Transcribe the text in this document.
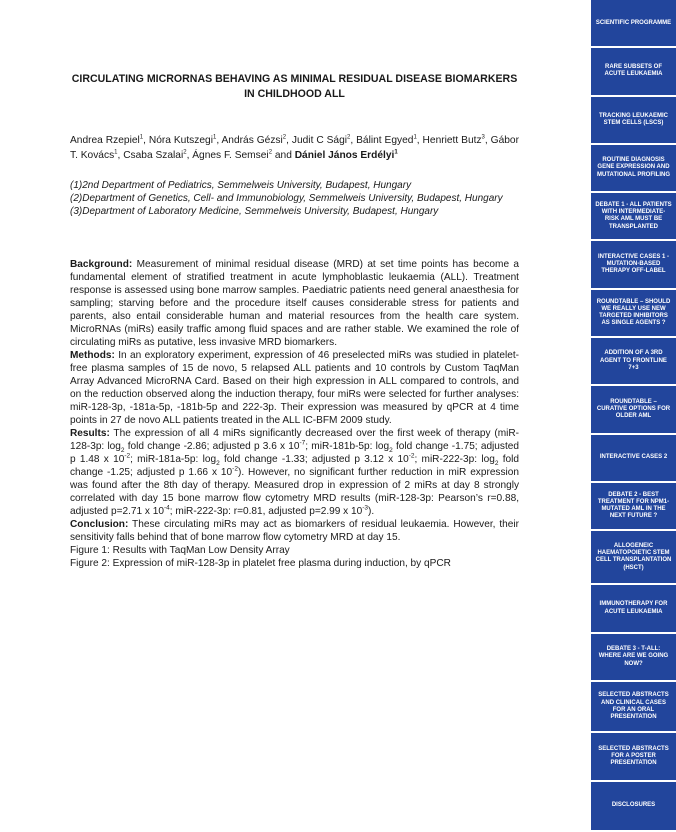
CIRCULATING MICRORNAS BEHAVING AS MINIMAL RESIDUAL DISEASE BIOMARKERS IN CHILDHOOD ALL
Andrea Rzepiel$^1$, Nóra Kutszegi$^1$, András Gézsi$^2$, Judit C Sági$^2$, Bálint Egyed$^1$, Henriett Butz$^3$, Gábor T. Kovács$^1$, Csaba Szalai$^2$, Ágnes F. Semsei$^2$ and Dániel János Erdélyi$^1$
(1)2nd Department of Pediatrics, Semmelweis University, Budapest, Hungary
(2)Department of Genetics, Cell- and Immunobiology, Semmelweis University, Budapest, Hungary
(3)Department of Laboratory Medicine, Semmelweis University, Budapest, Hungary

Background: Measurement of minimal residual disease (MRD) at set time points has become a fundamental element of stratified treatment in acute lymphoblastic leukaemia (ALL). Treatment response is assessed using bone marrow samples. Paediatric patients need general anaesthesia for sampling; starving before and the procedure itself causes considerable stress for patients and parents, also entail considerable human and material resources from the health care system. MicroRNAs (miRs) easily traffic among fluid spaces and are rather stable. We examined the role of circulating miRs as putative, less invasive MRD biomarkers.

Methods: In an exploratory experiment, expression of 46 preselected miRs was studied in platelet-free plasma samples of 15 de novo, 5 relapsed ALL patients and 10 controls by Custom TaqMan Array Advanced MicroRNA Card. Based on their high expression in ALL compared to controls, and on the reduction observed along the induction therapy, four miRs were selected for further analyses: miR-128-3p, -181a-5p, -181b-5p and 222-3p. Their expression was measured by qPCR at 4 time points in 27 de novo ALL patients treated in the ALL IC-BFM 2009 study.

Results: The expression of all 4 miRs significantly decreased over the first week of therapy (miR-128-3p: $\log_2$ fold change -2.86; adjusted p 3.6 x $10^{-7}$; miR-181b-5p: $\log_2$ fold change -1.75; adjusted p 1.48 x $10^{-2}$; miR-181a-5p: $\log_2$ fold change -1.33; adjusted p 3.12 x $10^{-2}$; miR-222-3p: $\log_2$ fold change -1.25; adjusted p 1.66 x $10^{-2}$). However, no significant further reduction in miR expression was found after the 8th day of therapy. Measured drop in expression of 2 miRs at day 8 strongly correlated with day 15 bone marrow flow cytometry MRD results (miR-128-3p: Pearson’s r=0.88, adjusted p=2.71 x $10^{-4}$; miR-222-3p: r=0.81, adjusted p=2.99 x $10^{-3}$).

Conclusion: These circulating miRs may act as biomarkers of residual leukaemia. However, their sensitivity falls behind that of bone marrow flow cytometry MRD at day 15.

Figure 1: Results with TaqMan Low Density Array

Figure 2: Expression of miR-128-3p in platelet free plasma during induction, by qPCR

SCIENTIFIC PROGRAMME
RARE SUBSETS OF ACUTE LEUKAEMIA
TRACKING LEUKAEMIC STEM CELLS (LSCS)
ROUTINE DIAGNOSIS GENE EXPRESSION AND MUTATIONAL PROFILING
DEBATE 1 - ALL PATIENTS WITH INTERMEDIATE-RISK AML MUST BE TRANSPLANTED
INTERACTIVE CASES 1 - MUTATION-BASED THERAPY OFF-LABEL
ROUNDTABLE – SHOULD WE REALLY USE NEW TARGETED INHIBITORS AS SINGLE AGENTS ?
ADDITION OF A 3RD AGENT TO FRONTLINE 7+3
ROUNDTABLE – CURATIVE OPTIONS FOR OLDER AML
INTERACTIVE CASES 2
DEBATE 2 - BEST TREATMENT FOR NPM1-MUTATED AML IN THE NEXT FUTURE ?
ALLOGENEIC HAEMATOPOIETIC STEM CELL TRANSPLANTATION (HSCT)
IMMUNOTHERAPY FOR ACUTE LEUKAEMIA
DEBATE 3 - T-ALL: WHERE ARE WE GOING NOW?
SELECTED ABSTRACTS AND CLINICAL CASES FOR AN ORAL PRESENTATION
SELECTED ABSTRACTS FOR A POSTER PRESENTATION
DISCLOSURES
